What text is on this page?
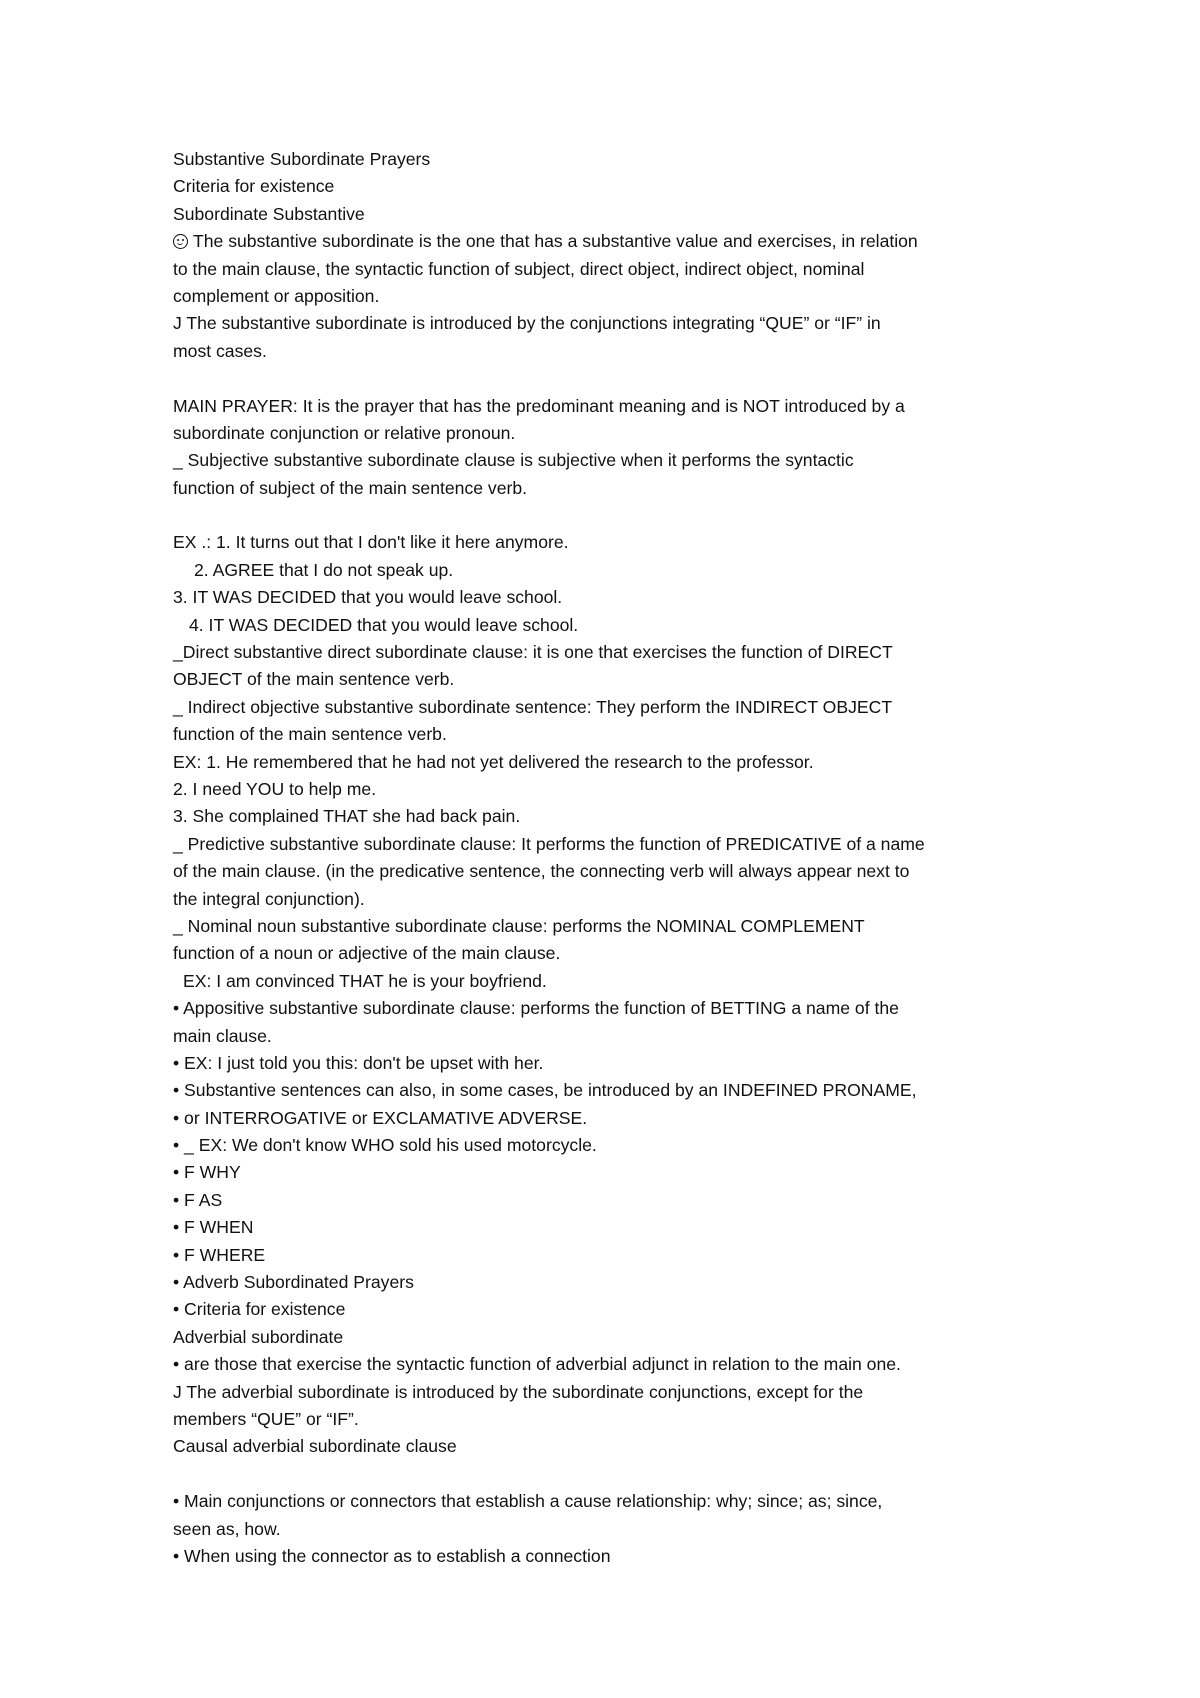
Substantive Subordinate Prayers
Criteria for existence
Subordinate Substantive
The substantive subordinate is the one that has a substantive value and exercises, in relation
to the main clause, the syntactic function of subject, direct object, indirect object, nominal
complement or apposition.
J The substantive subordinate is introduced by the conjunctions integrating “QUE” or “IF” in
most cases.
MAIN PRAYER: It is the prayer that has the predominant meaning and is NOT introduced by a
subordinate conjunction or relative pronoun.
_ Subjective substantive subordinate clause is subjective when it performs the syntactic
function of subject of the main sentence verb.
EX .: 1. It turns out that I don't like it here anymore.
2. AGREE that I do not speak up.
3. IT WAS DECIDED that you would leave school.
4. IT WAS DECIDED that you would leave school.
_Direct substantive direct subordinate clause: it is one that exercises the function of DIRECT
OBJECT of the main sentence verb.
_ Indirect objective substantive subordinate sentence: They perform the INDIRECT OBJECT
function of the main sentence verb.
EX: 1. He remembered that he had not yet delivered the research to the professor.
2. I need YOU to help me.
3. She complained THAT she had back pain.
_ Predictive substantive subordinate clause: It performs the function of PREDICATIVE of a name
of the main clause. (in the predicative sentence, the connecting verb will always appear next to
the integral conjunction).
_ Nominal noun substantive subordinate clause: performs the NOMINAL COMPLEMENT
function of a noun or adjective of the main clause.
EX: I am convinced THAT he is your boyfriend.
• Appositive substantive subordinate clause: performs the function of BETTING a name of the
main clause.
• EX: I just told you this: don't be upset with her.
• Substantive sentences can also, in some cases, be introduced by an INDEFINED PRONAME,
• or INTERROGATIVE or EXCLAMATIVE ADVERSE.
• _ EX: We don't know WHO sold his used motorcycle.
• F WHY
• F AS
• F WHEN
• F WHERE
• Adverb Subordinated Prayers
• Criteria for existence
Adverbial subordinate
• are those that exercise the syntactic function of adverbial adjunct in relation to the main one.
J The adverbial subordinate is introduced by the subordinate conjunctions, except for the
members “QUE” or “IF”.
Causal adverbial subordinate clause
• Main conjunctions or connectors that establish a cause relationship: why; since; as; since,
seen as, how.
• When using the connector as to establish a connection
